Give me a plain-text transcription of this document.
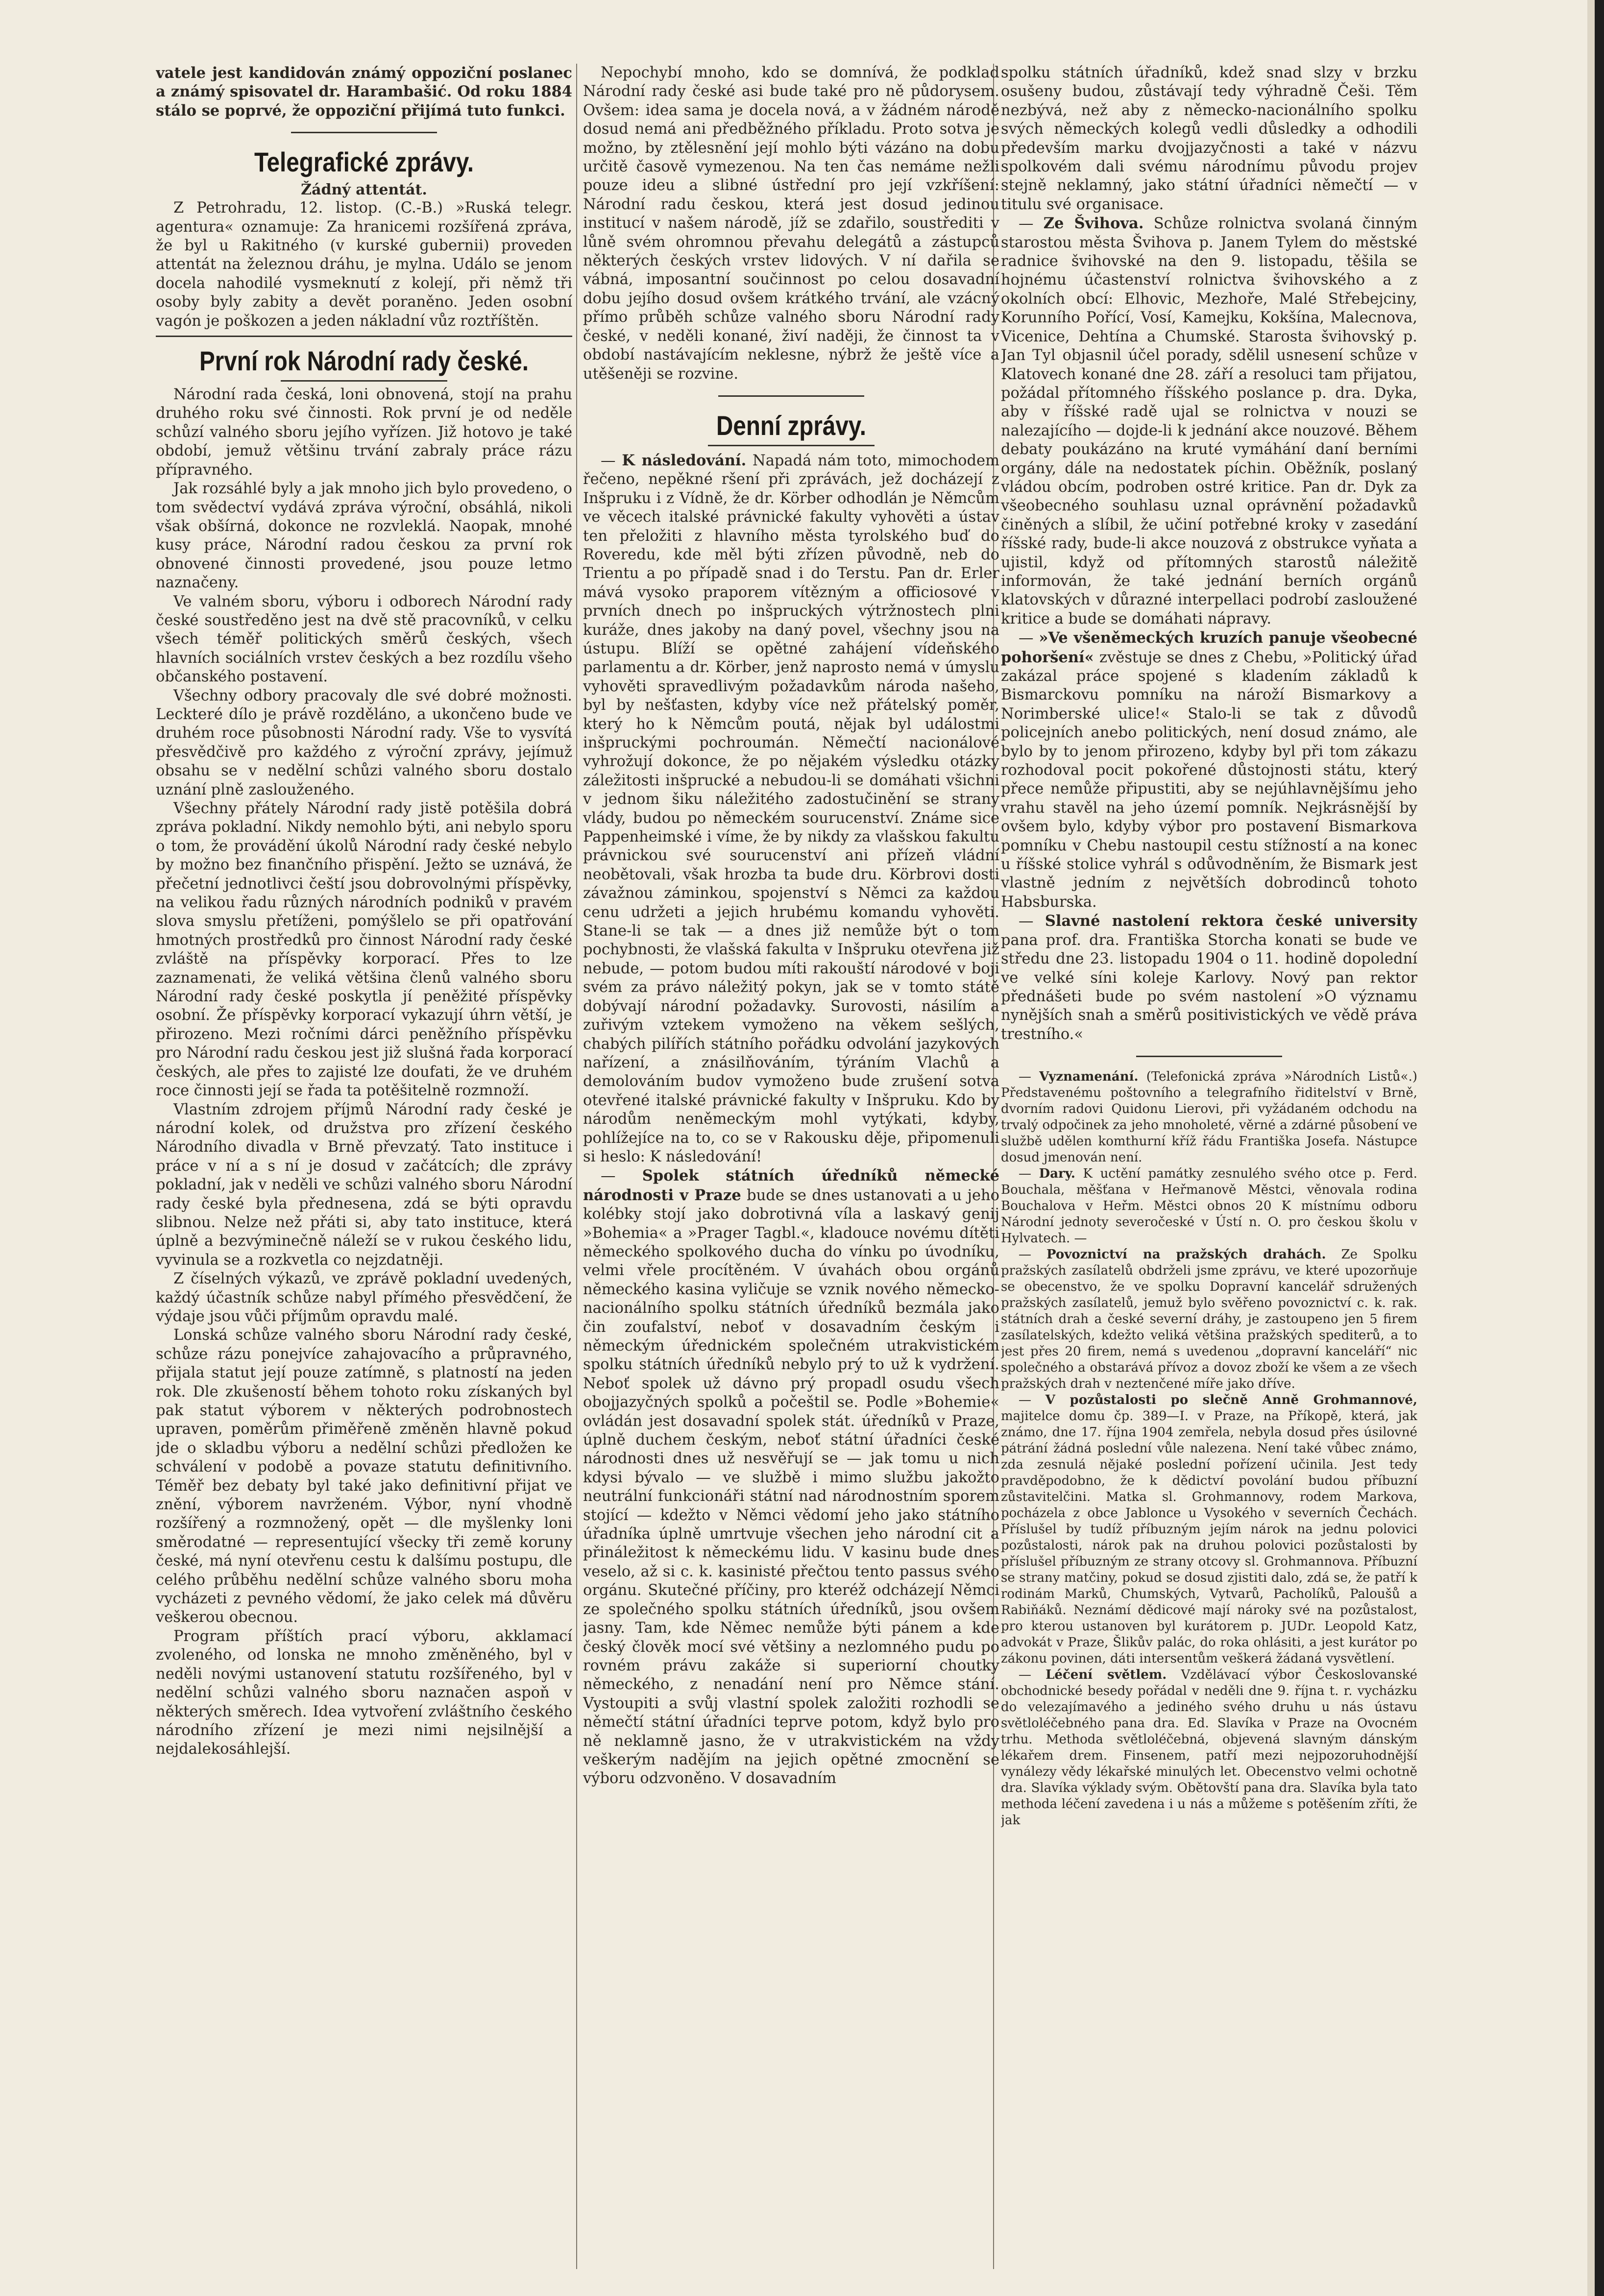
vatele jest kandidován známý oppoziční poslanec a známý spisovatel dr. Harambašić. Od roku 1884 stálo se poprvé, že oppoziční přijímá tuto funkci.

Telegrafické zprávy.
Žádný attentát.

Z Petrohradu, 12. listop. (C.-B.) »Ruská telegr. agentura« oznamuje: Za hranicemi rozšířená zpráva, že byl u Rakitného (v kurské gubernii) proveden attentát na železnou dráhu, je mylna. Událo se jenom docela nahodilé vysmeknutí z kolejí, při němž tři osoby byly zabity a devět poraněno. Jeden osobní vagón je poškozen a jeden nákladní vůz roztříštěn.

První rok Národní rady české.

Národní rada česká, loni obnovená, stojí na prahu druhého roku své činnosti. Rok první je od neděle schůzí valného sboru jejího vyřízen. Již hotovo je také období, jemuž většinu trvání zabraly práce rázu přípravného.

Jak rozsáhlé byly a jak mnoho jich bylo provedeno, o tom svědectví vydává zpráva výroční, obsáhlá, nikoli však obšírná, dokonce ne rozvleklá. Naopak, mnohé kusy práce, Národní radou českou za první rok obnovené činnosti provedené, jsou pouze letmo naznačeny.

Ve valném sboru, výboru i odborech Národní rady české soustředěno jest na dvě stě pracovníků, v celku všech téměř politických směrů českých, všech hlavních sociálních vrstev českých a bez rozdílu všeho občanského postavení.

Všechny odbory pracovaly dle své dobré možnosti. Leckteré dílo je právě rozděláno, a ukončeno bude ve druhém roce působnosti Národní rady. Vše to vysvítá přesvědčivě pro každého z výroční zprávy, jejímuž obsahu se v nedělní schůzi valného sboru dostalo uznání plně zaslouženého.

Všechny přátely Národní rady jistě potěšila dobrá zpráva pokladní. Nikdy nemohlo býti, ani nebylo sporu o tom, že provádění úkolů Národní rady české nebylo by možno bez finančního přispění. Ježto se uznává, že přečetní jednotlivci čeští jsou dobrovolnými příspěvky, na velikou řadu různých národních podniků v pravém slova smyslu přetíženi, pomýšlelo se při opatřování hmotných prostředků pro činnost Národní rady české zvláště na příspěvky korporací. Přes to lze zaznamenati, že veliká většina členů valného sboru Národní rady české poskytla jí peněžité příspěvky osobní. Že příspěvky korporací vykazují úhrn větší, je přirozeno. Mezi ročními dárci peněžního příspěvku pro Národní radu českou jest již slušná řada korporací českých, ale přes to zajisté lze doufati, že ve druhém roce činnosti její se řada ta potěšitelně rozmnoží.

Vlastním zdrojem příjmů Národní rady české je národní kolek, od družstva pro zřízení českého Národního divadla v Brně převzatý. Tato instituce i práce v ní a s ní je dosud v začátcích; dle zprávy pokladní, jak v neděli ve schůzi valného sboru Národní rady české byla přednesena, zdá se býti opravdu slibnou. Nelze než přáti si, aby tato instituce, která úplně a bezvýminečně náleží se v rukou českého lidu, vyvinula se a rozkvetla co nejzdatněji.

Z číselných výkazů, ve zprávě pokladní uvedených, každý účastník schůze nabyl přímého přesvědčení, že výdaje jsou vůči příjmům opravdu malé.

Lonská schůze valného sboru Národní rady české, schůze rázu ponejvíce zahajovacího a průpravného, přijala statut její pouze zatímně, s platností na jeden rok. Dle zkušeností během tohoto roku získaných byl pak statut výborem v některých podrobnostech upraven, poměrům přiměřeně změněn hlavně pokud jde o skladbu výboru a nedělní schůzi předložen ke schválení v podobě a povaze statutu definitivního. Téměř bez debaty byl také jako definitivní přijat ve znění, výborem navrženém. Výbor, nyní vhodně rozšířený a rozmnožený, opět — dle myšlenky loni směrodatné — representující všecky tři země koruny české, má nyní otevřenu cestu k dalšímu postupu, dle celého průběhu nedělní schůze valného sboru moha vycházeti z pevného vědomí, že jako celek má důvěru veškerou obecnou.

Program příštích prací výboru, akklamací zvoleného, od lonska ne mnoho změněného, byl v neděli novými ustanovení statutu rozšířeného, byl v nedělní schůzi valného sboru naznačen aspoň v některých směrech. Idea vytvoření zvláštního českého národního zřízení je mezi nimi nejsilnější a nejdalekosáhlejší.

Nepochybí mnoho, kdo se domnívá, že podklad Národní rady české asi bude také pro ně půdorysem. Ovšem: idea sama je docela nová, a v žádném národě dosud nemá ani předběžného příkladu. Proto sotva je možno, by ztělesnění její mohlo býti vázáno na dobu určitě časově vymezenou. Na ten čas nemáme nežli pouze ideu a slibné ústřední pro její vzkříšení: Národní radu českou, která jest dosud jedinou institucí v našem národě, jíž se zdařilo, soustřediti v lůně svém ohromnou převahu delegátů a zástupců některých českých vrstev lidových. V ní dařila se vábná, imposantní součinnost po celou dosavadní dobu jejího dosud ovšem krátkého trvání, ale vzácný přímo průběh schůze valného sboru Národní rady české, v neděli konané, živí naději, že činnost ta v období nastávajícím neklesne, nýbrž že ještě více a utěšeněji se rozvine.

Denní zprávy.

— K následování. Napadá nám toto, mimochodem řečeno, nepěkné ršení při zprávách, jež docházejí z Inšpruku i z Vídně, že dr. Körber odhodlán je Němcům ve věcech italské právnické fakulty vyhověti a ústav ten přeložiti z hlavního města tyrolského buď do Roveredu, kde měl býti zřízen původně, neb do Trientu a po případě snad i do Terstu. Pan dr. Erler mává vysoko praporem vítězným a officiosové v prvních dnech po inšpruckých výtržnostech plni kuráže, dnes jakoby na daný povel, všechny jsou na ústupu. Blíží se opětné zahájení vídeňského parlamentu a dr. Körber, jenž naprosto nemá v úmyslu vyhověti spravedlivým požadavkům národa našeho, byl by nešťasten, kdyby více než přátelský poměr, který ho k Němcům poutá, nějak byl událostmi inšpruckými pochroumán. Němečtí nacionálové vyhrožují dokonce, že po nějakém výsledku otázky záležitosti inšprucké a nebudou-li se domáhati všichni v jednom šiku náležitého zadostučinění se strany vlády, budou po německém sourucenství. Známe sice Pappenheimské i víme, že by nikdy za vlašskou fakultu právnickou své sourucenství ani přízeň vládní neobětovali, však hrozba ta bude dru. Körbrovi dosti závažnou záminkou, spojenství s Němci za každou cenu udržeti a jejich hrubému komandu vyhověti. Stane-li se tak — a dnes již nemůže být o tom pochybnosti, že vlašská fakulta v Inšpruku otevřena již nebude, — potom budou míti rakouští národové v boji svém za právo náležitý pokyn, jak se v tomto státě dobývají národní požadavky. Surovosti, násilím a zuřivým vztekem vymoženo na věkem sešlých, chabých pilířích státního pořádku odvolání jazykových nařízení, a znásilňováním, týráním Vlachů a demolováním budov vymoženo bude zrušení sotva otevřené italské právnické fakulty v Inšpruku. Kdo by národům neněmeckým mohl vytýkati, kdyby, pohlížejíce na to, co se v Rakousku děje, připomenuli si heslo: K následování!

— Spolek státních úředníků německé národnosti v Praze bude se dnes ustanovati a u jeho kolébky stojí jako dobrotivná víla a laskavý genij »Bohemia« a »Prager Tagbl.«, kladouce novému dítěti německého spolkového ducha do vínku po úvodníku, velmi vřele procítěném. V úvahách obou orgánů německého kasina vyličuje se vznik nového německo-nacionálního spolku státních úředníků bezmála jako čin zoufalství, neboť v dosavadním českým i německým úřednickém společném utrakvistickém spolku státních úředníků nebylo prý to už k vydržení. Neboť spolek už dávno prý propadl osudu všech obojjazyčných spolků a počeštil se. Podle »Bohemie« ovládán jest dosavadní spolek stát. úředníků v Praze, úplně duchem českým, neboť státní úřadníci české národnosti dnes už nesvěřují se — jak tomu u nich kdysi bývalo — ve službě i mimo službu jakožto neutrální funkcionáři státní nad národnostním sporem stojící — kdežto v Němci vědomí jeho jako státního úřadníka úplně umrtvuje všechen jeho národní cit a přináležitost k německému lidu. V kasinu bude dnes veselo, až si c. k. kasinisté přečtou tento passus svého orgánu. Skutečné příčiny, pro kteréž odcházejí Němci ze společného spolku státních úředníků, jsou ovšem jasny. Tam, kde Němec nemůže býti pánem a kde český člověk mocí své většiny a nezlomného pudu po rovném právu zakáže si superiorní choutky německého, z nenadání není pro Němce stání. Vystoupiti a svůj vlastní spolek založiti rozhodli se němečtí státní úřadníci teprve potom, když bylo pro ně neklamně jasno, že v utrakvistickém na vždy veškerým nadějím na jejich opětné zmocnění se výboru odzvoněno. V dosavadním

spolku státních úřadníků, kdež snad slzy v brzku osušeny budou, zůstávají tedy výhradně Češi. Těm nezbývá, než aby z německo-nacionálního spolku svých německých kolegů vedli důsledky a odhodili především marku dvojjazyčnosti a také v názvu spolkovém dali svému národnímu původu projev stejně neklamný, jako státní úřadníci němečtí — v titulu své organisace.

— Ze Švihova. Schůze rolnictva svolaná činným starostou města Švihova p. Janem Tylem do městské radnice švihovské na den 9. listopadu, těšila se hojnému účastenství rolnictva švihovského a z okolních obcí: Elhovic, Mezhoře, Malé Střebejciny, Korunního Pořící, Vosí, Kamejku, Kokšína, Malecnova, Vicenice, Dehtína a Chumské. Starosta švihovský p. Jan Tyl objasnil účel porady, sdělil usnesení schůze v Klatovech konané dne 28. září a resoluci tam přijatou, požádal přítomného říšského poslance p. dra. Dyka, aby v říšské radě ujal se rolnictva v nouzi se nalezajícího — dojde-li k jednání akce nouzové. Během debaty poukázáno na kruté vymáhání daní berními orgány, dále na nedostatek píchin. Oběžník, poslaný vládou obcím, podroben ostré kritice. Pan dr. Dyk za všeobecného souhlasu uznal oprávnění požadavků činěných a slíbil, že učiní potřebné kroky v zasedání říšské rady, bude-li akce nouzová z obstrukce vyňata a ujistil, když od přítomných starostů náležitě informován, že také jednání berních orgánů klatovských v důrazné interpellaci podrobí zasloužené kritice a bude se domáhati nápravy.

— »Ve všeněmeckých kruzích panuje všeobecné pohoršení« zvěstuje se dnes z Chebu, »Politický úřad zakázal práce spojené s kladením základů k Bismarckovu pomníku na nároží Bismarkovy a Norimberské ulice!« Stalo-li se tak z důvodů policejních anebo politických, není dosud známo, ale bylo by to jenom přirozeno, kdyby byl při tom zákazu rozhodoval pocit pokořené důstojnosti státu, který přece nemůže připustiti, aby se nejúhlavnějšímu jeho vrahu stavěl na jeho území pomník. Nejkrásnější by ovšem bylo, kdyby výbor pro postavení Bismarkova pomníku v Chebu nastoupil cestu stížností a na konec u říšské stolice vyhrál s odůvodněním, že Bismark jest vlastně jedním z největších dobrodinců tohoto Habsburska.

— Slavné nastolení rektora české university pana prof. dra. Františka Storcha konati se bude ve středu dne 23. listopadu 1904 o 11. hodině dopolední ve velké síni koleje Karlovy. Nový pan rektor přednášeti bude po svém nastolení »O významu nynějších snah a směrů positivistických ve vědě práva trestního.«

— Vyznamenání. (Telefonická zpráva »Národních Listů«.) Představenému poštovního a telegrafního řiditelství v Brně, dvorním radovi Quidonu Lierovi, při vyžádaném odchodu na trvalý odpočinek za jeho mnoholeté, věrné a zdárné působení ve službě udělen komthurní kříž řádu Františka Josefa. Nástupce dosud jmenován není.

— Dary. K uctění památky zesnulého svého otce p. Ferd. Bouchala, měšťana v Heřmanově Městci, věnovala rodina Bouchalova v Heřm. Městci obnos 20 K místnímu odboru Národní jednoty severočeské v Ústí n. O. pro českou školu v Hylvatech. —

— Povoznictví na pražských drahách. Ze Spolku pražských zasílatelů obdrželi jsme zprávu, ve které upozorňuje se obecenstvo, že ve spolku Dopravní kancelář sdružených pražských zasílatelů, jemuž bylo svěřeno povoznictví c. k. rak. státních drah a české severní dráhy, je zastoupeno jen 5 firem zasílatelských, kdežto veliká většina pražských spediterů, a to jest přes 20 firem, nemá s uvedenou „dopravní kanceláří“ nic společného a obstarává přívoz a dovoz zboží ke všem a ze všech pražských drah v neztenčené míře jako dříve.

— V pozůstalosti po slečně Anně Grohmannové, majitelce domu čp. 389—I. v Praze, na Příkopě, která, jak známo, dne 17. října 1904 zemřela, nebyla dosud přes úsilovné pátrání žádná poslední vůle nalezena. Není také vůbec známo, zda zesnulá nějaké poslední pořízení učinila. Jest tedy pravděpodobno, že k dědictví povolání budou příbuzní zůstavitelčini. Matka sl. Grohmannovy, rodem Markova, pocházela z obce Jablonce u Vysokého v severních Čechách. Příslušel by tudíž příbuzným jejím nárok na jednu polovici pozůstalosti, nárok pak na druhou polovici pozůstalosti by příslušel příbuzným ze strany otcovy sl. Grohmannova. Příbuzní se strany matčiny, pokud se dosud zjistiti dalo, zdá se, že patří k rodinám Marků, Chumských, Vytvarů, Pacholíků, Paloušů a Rabiňáků. Neznámí dědicové mají nároky své na pozůstalost, pro kterou ustanoven byl kurátorem p. JUDr. Leopold Katz, advokát v Praze, Šlikův palác, do roka ohlásiti, a jest kurátor po zákonu povinen, dáti intersentům veškerá žádaná vysvětlení.

— Léčení světlem. Vzdělávací výbor Českoslovanské obchodnické besedy pořádal v neděli dne 9. října t. r. vycházku do velezajímavého a jediného svého druhu u nás ústavu světloléčebného pana dra. Ed. Slavíka v Praze na Ovocném trhu. Methoda světloléčebná, objevená slavným dánským lékařem drem. Finsenem, patří mezi nejpozoruhodnější vynálezy vědy lékařské minulých let. Obecenstvo velmi ochotně dra. Slavíka výklady svým. Obětovští pana dra. Slavíka byla tato methoda léčení zavedena i u nás a můžeme s potěšením zříti, že jak
